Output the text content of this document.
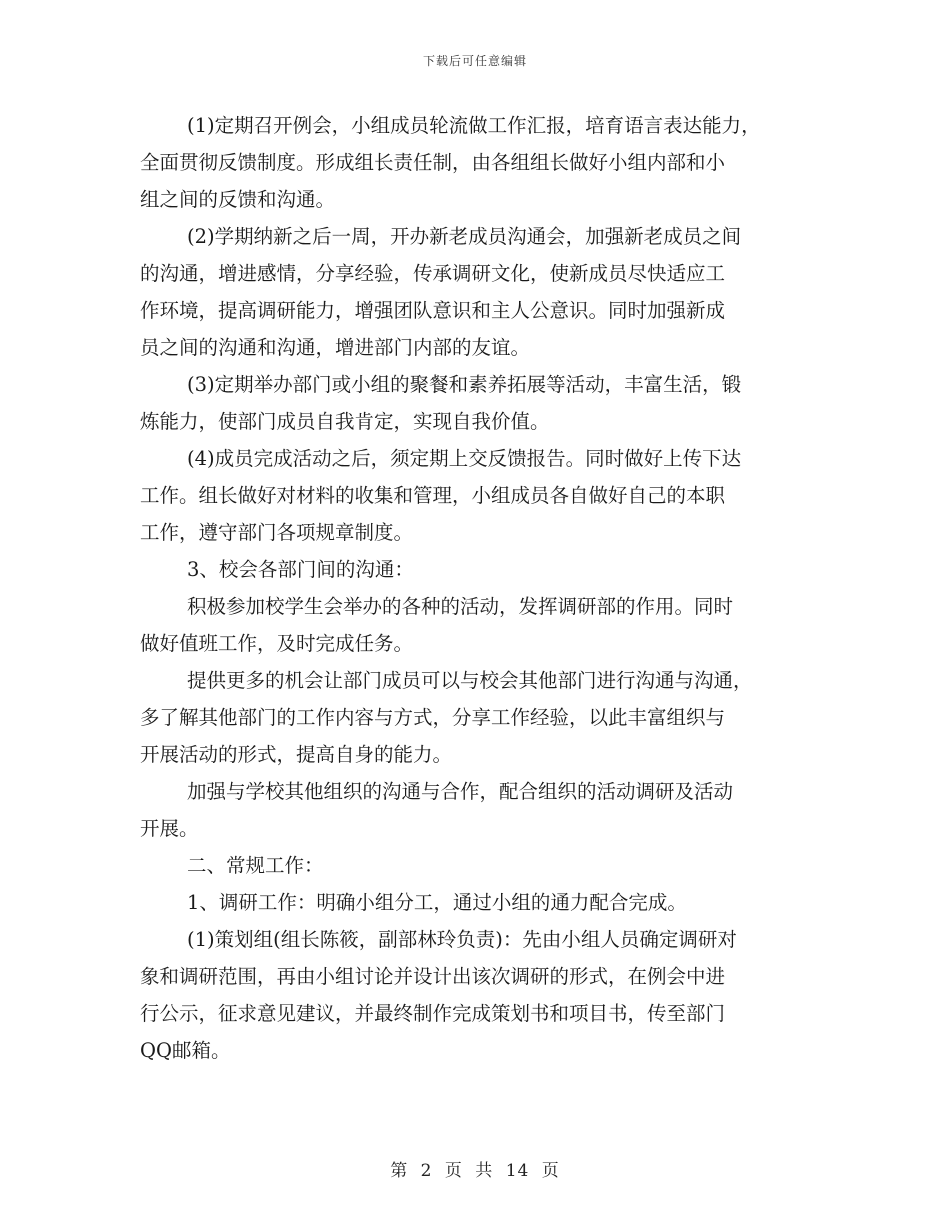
下载后可任意编辑
(1)定期召开例会，小组成员轮流做工作汇报，培育语言表达能力，
全面贯彻反馈制度。形成组长责任制，由各组组长做好小组内部和小
组之间的反馈和沟通。
(2)学期纳新之后一周，开办新老成员沟通会，加强新老成员之间
的沟通，增进感情，分享经验，传承调研文化，使新成员尽快适应工
作环境，提高调研能力，增强团队意识和主人公意识。同时加强新成
员之间的沟通和沟通，增进部门内部的友谊。
(3)定期举办部门或小组的聚餐和素养拓展等活动，丰富生活，锻
炼能力，使部门成员自我肯定，实现自我价值。
(4)成员完成活动之后，须定期上交反馈报告。同时做好上传下达
工作。组长做好对材料的收集和管理，小组成员各自做好自己的本职
工作，遵守部门各项规章制度。
3、校会各部门间的沟通：
积极参加校学生会举办的各种的活动，发挥调研部的作用。同时
做好值班工作，及时完成任务。
提供更多的机会让部门成员可以与校会其他部门进行沟通与沟通，
多了解其他部门的工作内容与方式，分享工作经验，以此丰富组织与
开展活动的形式，提高自身的能力。
加强与学校其他组织的沟通与合作，配合组织的活动调研及活动
开展。
二、常规工作：
1、调研工作：明确小组分工，通过小组的通力配合完成。
(1)策划组(组长陈筱，副部林玲负责)：先由小组人员确定调研对
象和调研范围，再由小组讨论并设计出该次调研的形式，在例会中进
行公示，征求意见建议，并最终制作完成策划书和项目书，传至部门
QQ邮箱。
第 2 页 共 14 页
